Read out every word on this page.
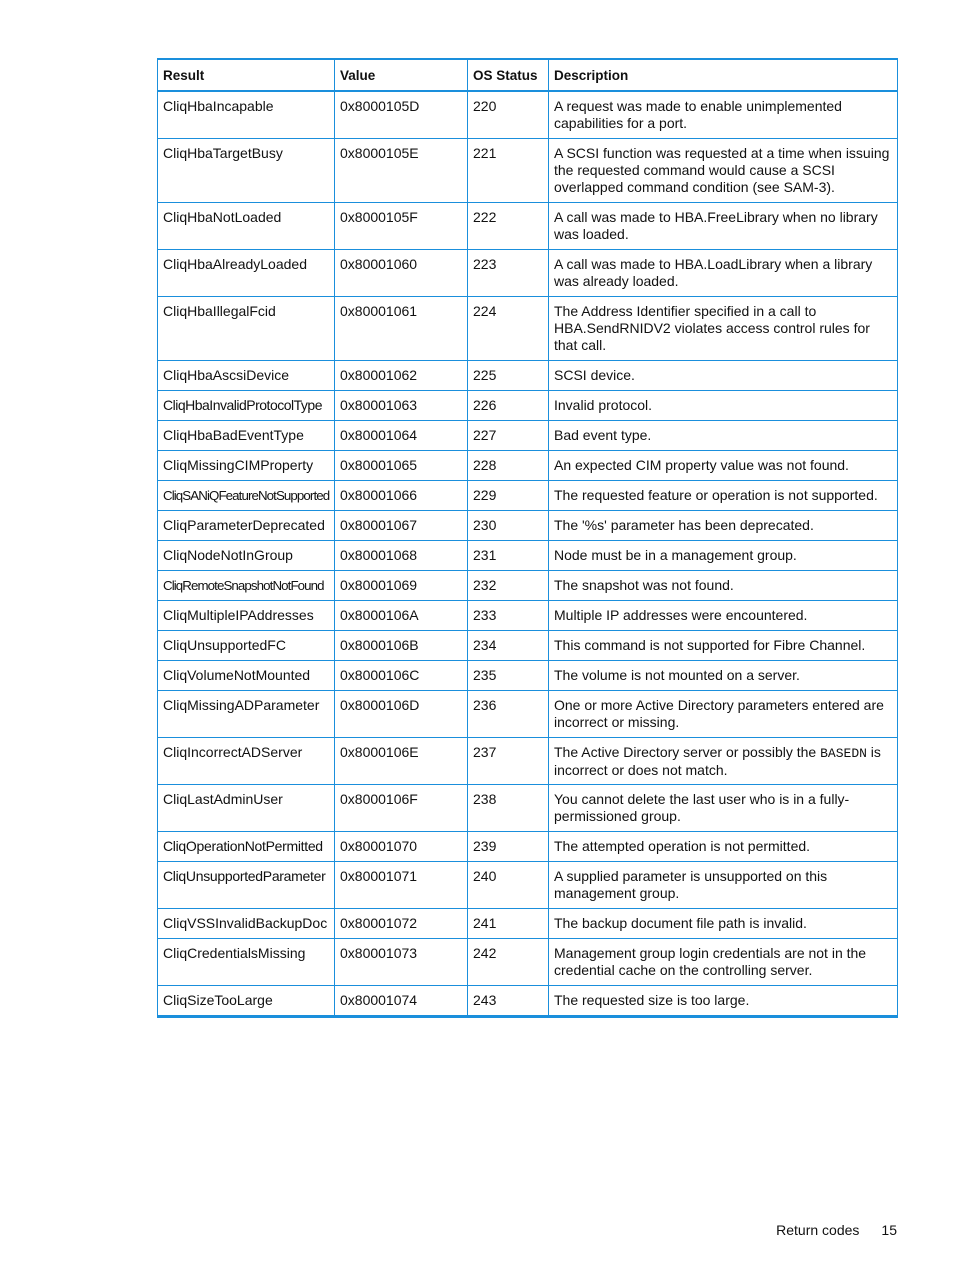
Result	Value	OS Status	Description
CliqHbaIncapable	0x8000105D	220	A request was made to enable unimplemented capabilities for a port.
CliqHbaTargetBusy	0x8000105E	221	A SCSI function was requested at a time when issuing the requested command would cause a SCSI overlapped command condition (see SAM-3).
CliqHbaNotLoaded	0x8000105F	222	A call was made to HBA.FreeLibrary when no library was loaded.
CliqHbaAlreadyLoaded	0x80001060	223	A call was made to HBA.LoadLibrary when a library was already loaded.
CliqHbaIllegalFcid	0x80001061	224	The Address Identifier specified in a call to HBA.SendRNIDV2 violates access control rules for that call.
CliqHbaAscsiDevice	0x80001062	225	SCSI device.
CliqHbaInvalidProtocolType	0x80001063	226	Invalid protocol.
CliqHbaBadEventType	0x80001064	227	Bad event type.
CliqMissingCIMProperty	0x80001065	228	An expected CIM property value was not found.
CliqSANiQFeatureNotSupported	0x80001066	229	The requested feature or operation is not supported.
CliqParameterDeprecated	0x80001067	230	The '%s' parameter has been deprecated.
CliqNodeNotInGroup	0x80001068	231	Node must be in a management group.
CliqRemoteSnapshotNotFound	0x80001069	232	The snapshot was not found.
CliqMultipleIPAddresses	0x8000106A	233	Multiple IP addresses were encountered.
CliqUnsupportedFC	0x8000106B	234	This command is not supported for Fibre Channel.
CliqVolumeNotMounted	0x8000106C	235	The volume is not mounted on a server.
CliqMissingADParameter	0x8000106D	236	One or more Active Directory parameters entered are incorrect or missing.
CliqIncorrectADServer	0x8000106E	237	The Active Directory server or possibly the BASEDN is incorrect or does not match.
CliqLastAdminUser	0x8000106F	238	You cannot delete the last user who is in a fully-permissioned group.
CliqOperationNotPermitted	0x80001070	239	The attempted operation is not permitted.
CliqUnsupportedParameter	0x80001071	240	A supplied parameter is unsupported on this management group.
CliqVSSInvalidBackupDoc	0x80001072	241	The backup document file path is invalid.
CliqCredentialsMissing	0x80001073	242	Management group login credentials are not in the credential cache on the controlling server.
CliqSizeTooLarge	0x80001074	243	The requested size is too large.
Return codes 15
